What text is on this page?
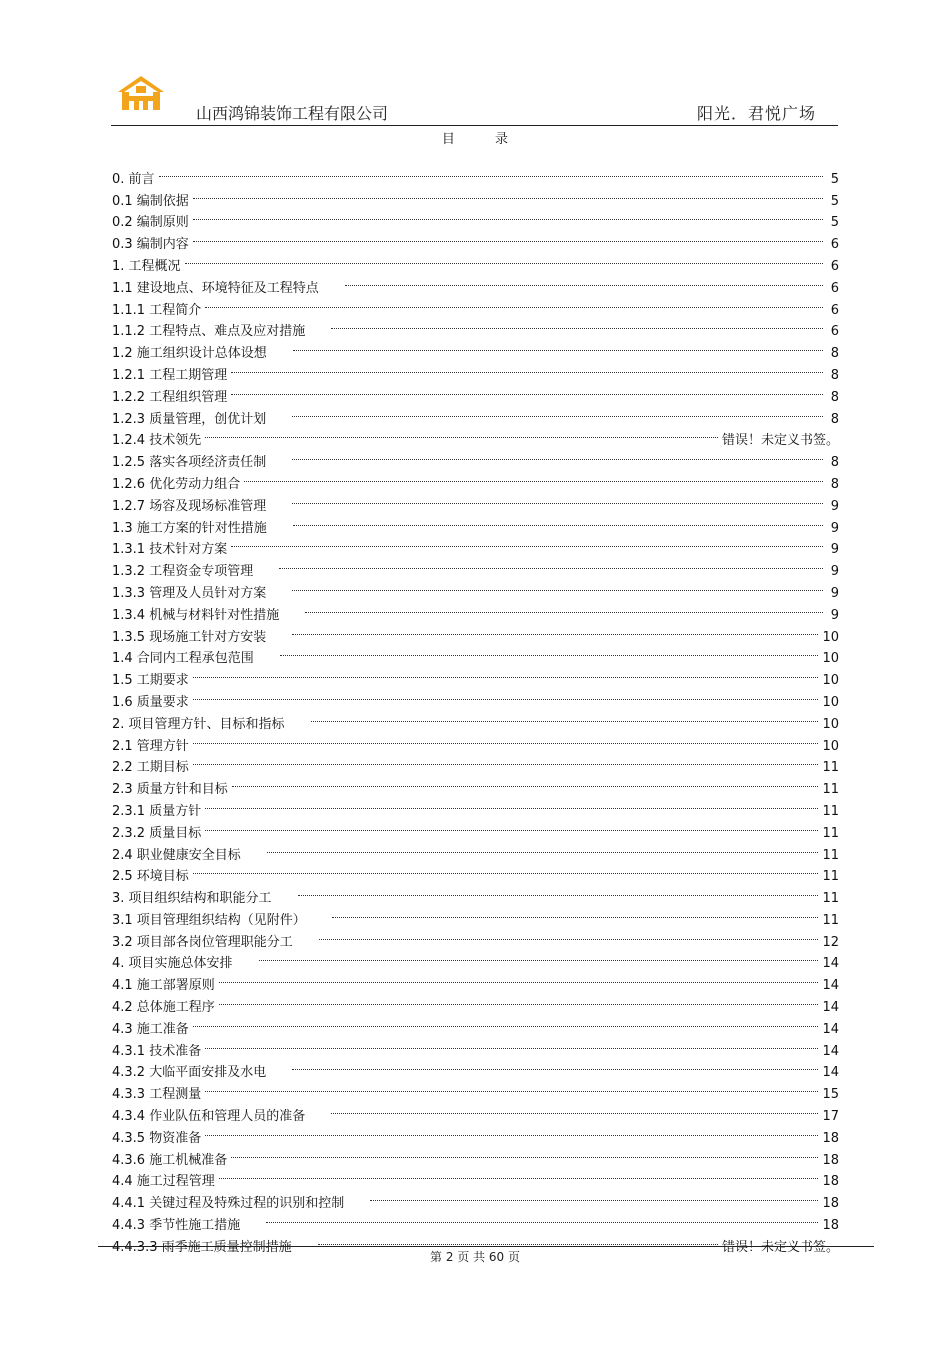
山西鸿锦装饰工程有限公司	阳光．君悦广场
目 录
0. 前言	5
0.1 编制依据	5
0.2 编制原则	5
0.3 编制内容	6
1. 工程概况	6
1.1 建设地点、环境特征及工程特点	6
1.1.1 工程简介	6
1.1.2 工程特点、难点及应对措施	6
1.2 施工组织设计总体设想	8
1.2.1 工程工期管理	8
1.2.2 工程组织管理	8
1.2.3 质量管理，创优计划	8
1.2.4 技术领先	错误！未定义书签。
1.2.5 落实各项经济责任制	8
1.2.6 优化劳动力组合	8
1.2.7 场容及现场标准管理	9
1.3 施工方案的针对性措施	9
1.3.1 技术针对方案	9
1.3.2 工程资金专项管理	9
1.3.3 管理及人员针对方案	9
1.3.4 机械与材料针对性措施	9
1.3.5 现场施工针对方安装	10
1.4 合同内工程承包范围	10
1.5 工期要求	10
1.6 质量要求	10
2. 项目管理方针、目标和指标	10
2.1 管理方针	10
2.2 工期目标	11
2.3 质量方针和目标	11
2.3.1 质量方针	11
2.3.2 质量目标	11
2.4 职业健康安全目标	11
2.5 环境目标	11
3. 项目组织结构和职能分工	11
3.1 项目管理组织结构（见附件）	11
3.2 项目部各岗位管理职能分工	12
4. 项目实施总体安排	14
4.1 施工部署原则	14
4.2 总体施工程序	14
4.3 施工准备	14
4.3.1 技术准备	14
4.3.2 大临平面安排及水电	14
4.3.3 工程测量	15
4.3.4 作业队伍和管理人员的准备	17
4.3.5 物资准备	18
4.3.6 施工机械准备	18
4.4 施工过程管理	18
4.4.1 关键过程及特殊过程的识别和控制	18
4.4.3 季节性施工措施	18
4.4.3.3 雨季施工质量控制措施	错误！未定义书签。
第 2 页 共 60 页
